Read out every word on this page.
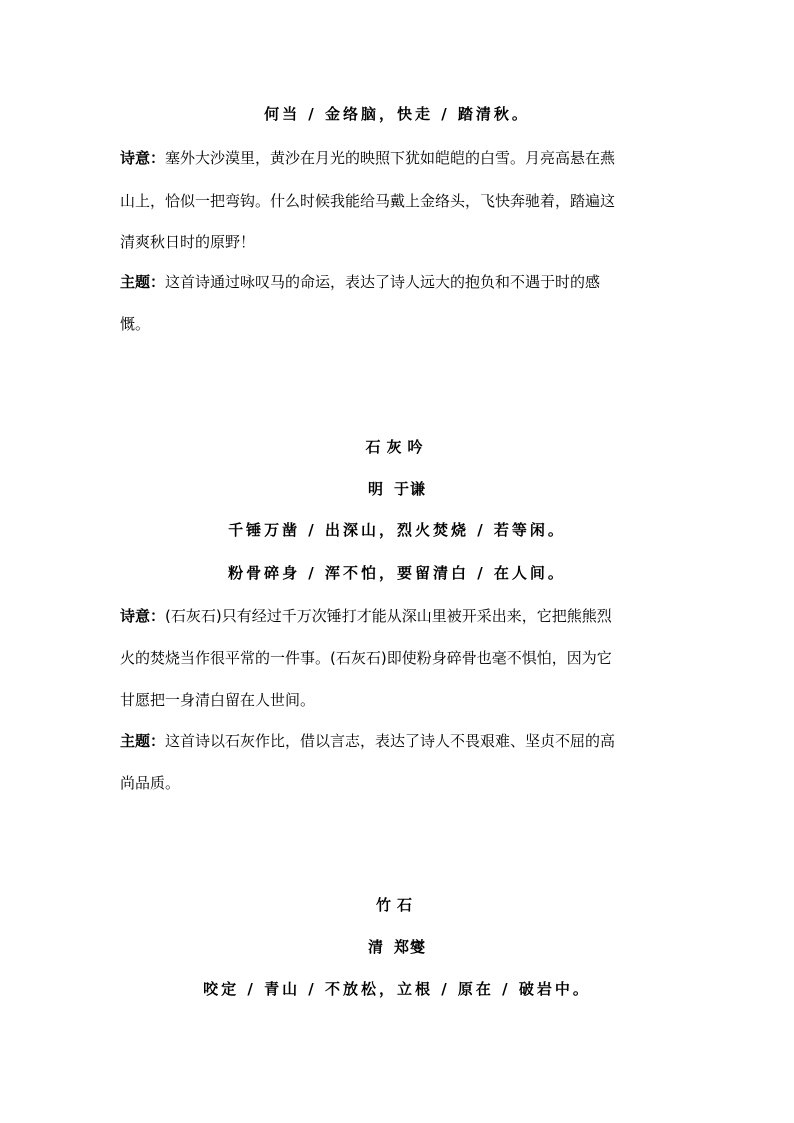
何当 / 金络脑，快走 / 踏清秋。
诗意：塞外大沙漠里，黄沙在月光的映照下犹如皑皑的白雪。月亮高悬在燕
山上，恰似一把弯钩。什么时候我能给马戴上金络头，飞快奔驰着，踏遍这
清爽秋日时的原野！
主题：这首诗通过咏叹马的命运，表达了诗人远大的抱负和不遇于时的感
慨。
石灰吟
明 于谦
千锤万凿 / 出深山，烈火焚烧 / 若等闲。
粉骨碎身 / 浑不怕，要留清白 / 在人间。
诗意：(石灰石)只有经过千万次锤打才能从深山里被开采出来，它把熊熊烈
火的焚烧当作很平常的一件事。(石灰石)即使粉身碎骨也毫不惧怕，因为它
甘愿把一身清白留在人世间。
主题：这首诗以石灰作比，借以言志，表达了诗人不畏艰难、坚贞不屈的高
尚品质。
竹石
清 郑燮
咬定 / 青山 / 不放松，立根 / 原在 / 破岩中。
